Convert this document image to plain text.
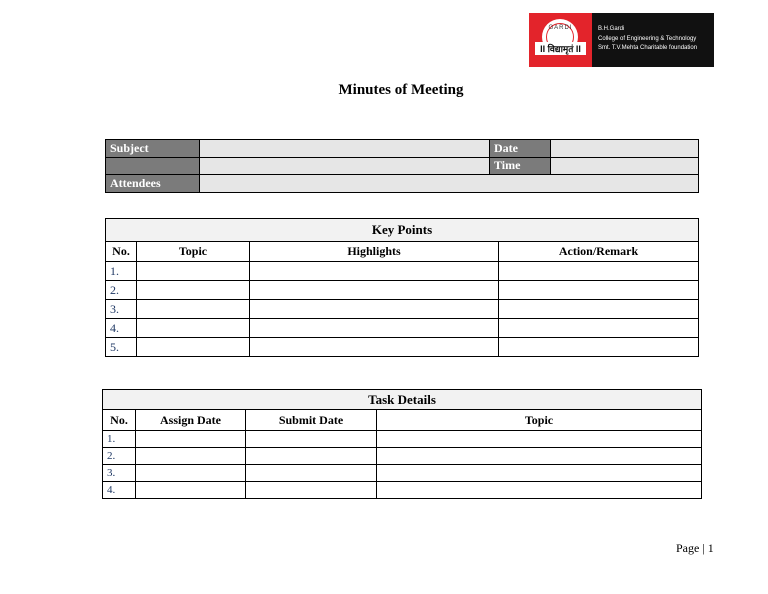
GARDI
II विद्यामृतं II
B.H.Gardi
College of Engineering & Technology
Smt. T.V.Mehta Charitable foundation
Minutes of Meeting
Subject		Date	
		Time	
Attendees			
Key Points			
No.	Topic	Highlights	Action/Remark
1.			
2.			
3.			
4.			
5.			
Task Details			
No.	Assign Date	Submit Date	Topic
1.			
2.			
3.			
4.			
Page | 1
